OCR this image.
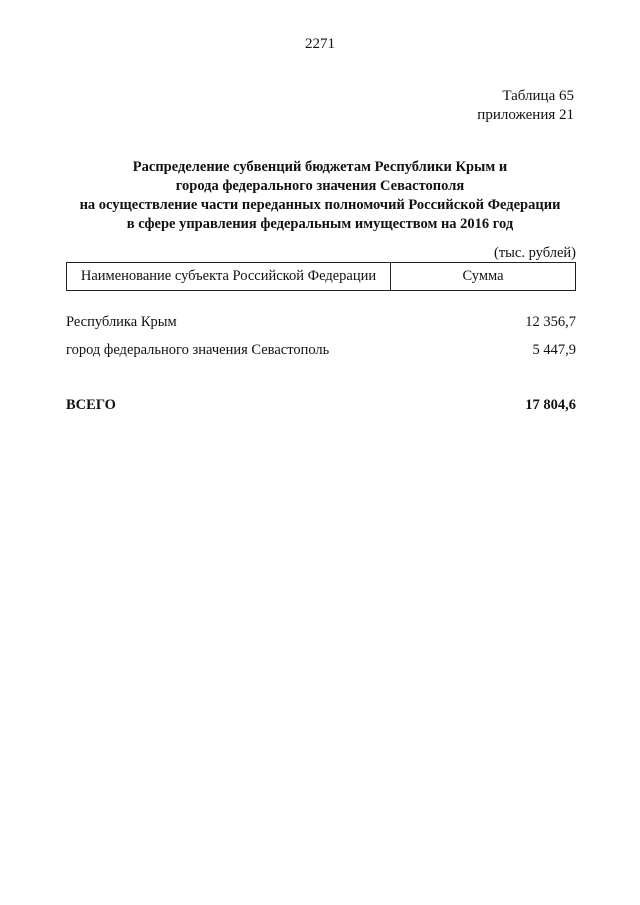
2271
Таблица 65
приложения 21
Распределение субвенций бюджетам Республики Крым и
города федерального значения Севастополя
на осуществление части переданных полномочий Российской Федерации
в сфере управления федеральным имуществом на 2016 год
(тыс. рублей)
Наименование субъекта Российской Федерации	Сумма
Республика Крым	12 356,7
город федерального значения Севастополь	5 447,9
ВСЕГО	17 804,6
